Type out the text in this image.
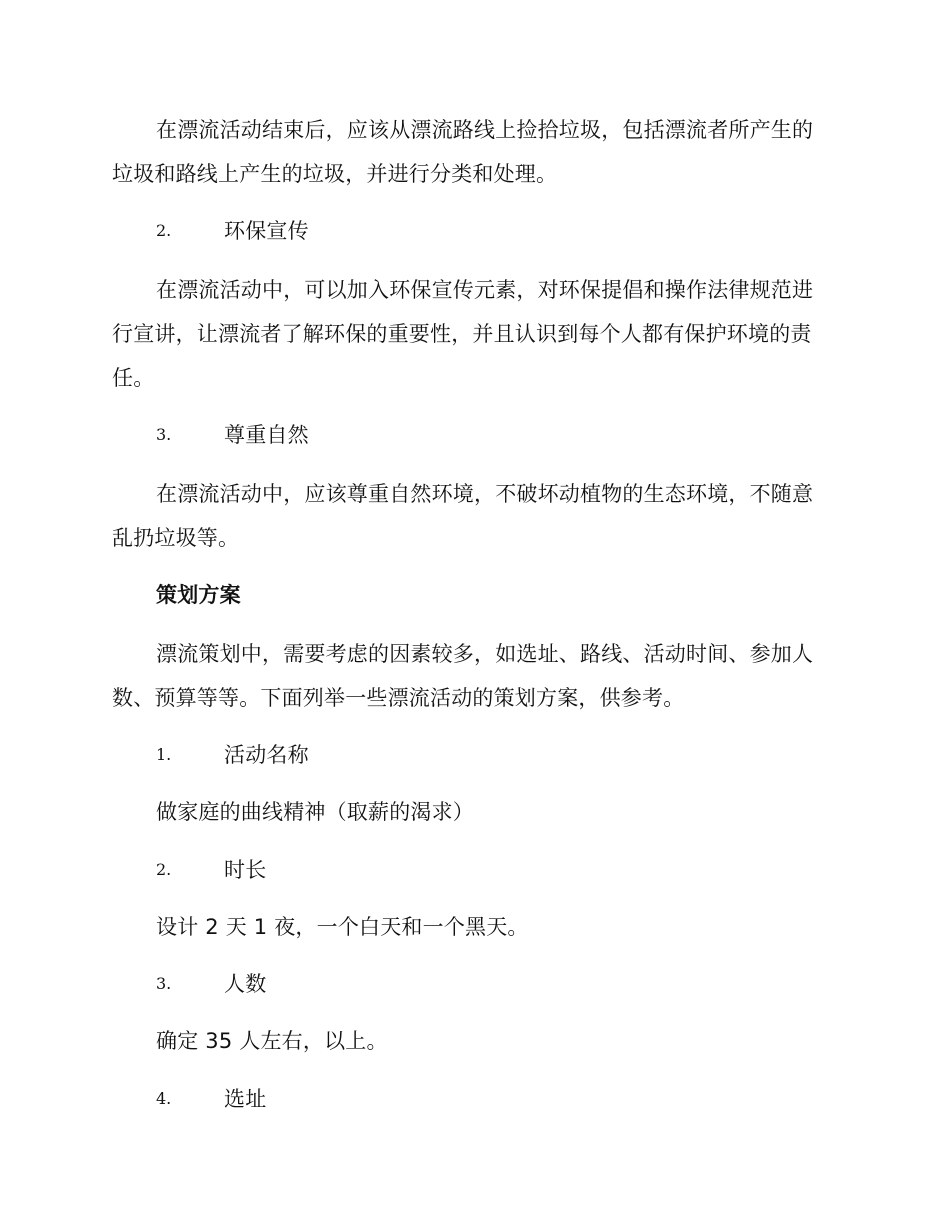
在漂流活动结束后，应该从漂流路线上捡拾垃圾，包括漂流者所产生的
垃圾和路线上产生的垃圾，并进行分类和处理。
2.	环保宣传
在漂流活动中，可以加入环保宣传元素，对环保提倡和操作法律规范进
行宣讲，让漂流者了解环保的重要性，并且认识到每个人都有保护环境的责
任。
3.	尊重自然
在漂流活动中，应该尊重自然环境，不破坏动植物的生态环境，不随意
乱扔垃圾等。
策划方案
漂流策划中，需要考虑的因素较多，如选址、路线、活动时间、参加人
数、预算等等。下面列举一些漂流活动的策划方案，供参考。
1.	活动名称
做家庭的曲线精神（取薪的渴求）
2.	时长
设计 2 天 1 夜，一个白天和一个黑天。
3.	人数
确定 35 人左右，以上。
4.	选址
